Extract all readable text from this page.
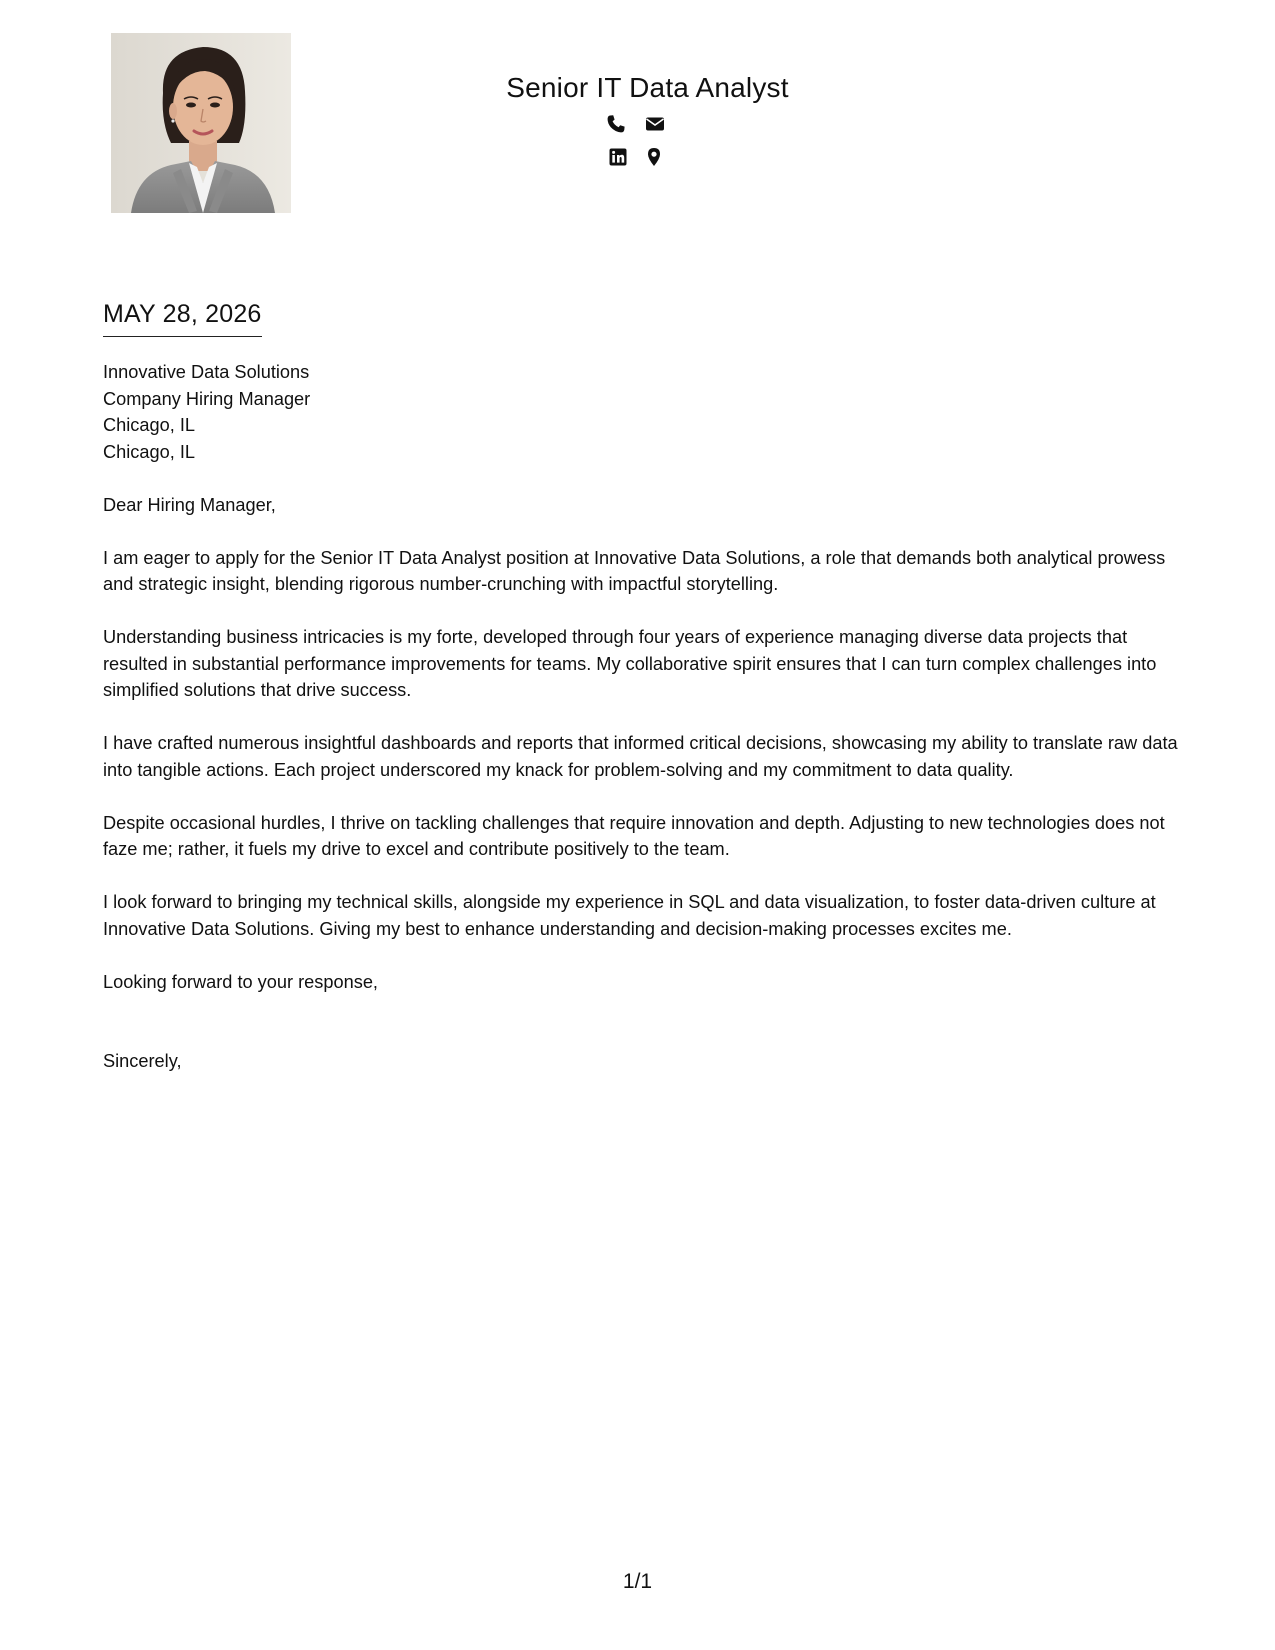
Senior IT Data Analyst
MAY 28, 2026
Innovative Data Solutions
Company Hiring Manager
Chicago, IL
Chicago, IL

Dear Hiring Manager,

I am eager to apply for the Senior IT Data Analyst position at Innovative Data Solutions, a role that demands both analytical prowess and strategic insight, blending rigorous number-crunching with impactful storytelling.

Understanding business intricacies is my forte, developed through four years of experience managing diverse data projects that resulted in substantial performance improvements for teams. My collaborative spirit ensures that I can turn complex challenges into simplified solutions that drive success.

I have crafted numerous insightful dashboards and reports that informed critical decisions, showcasing my ability to translate raw data into tangible actions. Each project underscored my knack for problem-solving and my commitment to data quality.

Despite occasional hurdles, I thrive on tackling challenges that require innovation and depth. Adjusting to new technologies does not faze me; rather, it fuels my drive to excel and contribute positively to the team.

I look forward to bringing my technical skills, alongside my experience in SQL and data visualization, to foster data-driven culture at Innovative Data Solutions. Giving my best to enhance understanding and decision-making processes excites me.

Looking forward to your response,

Sincerely,

1/1
